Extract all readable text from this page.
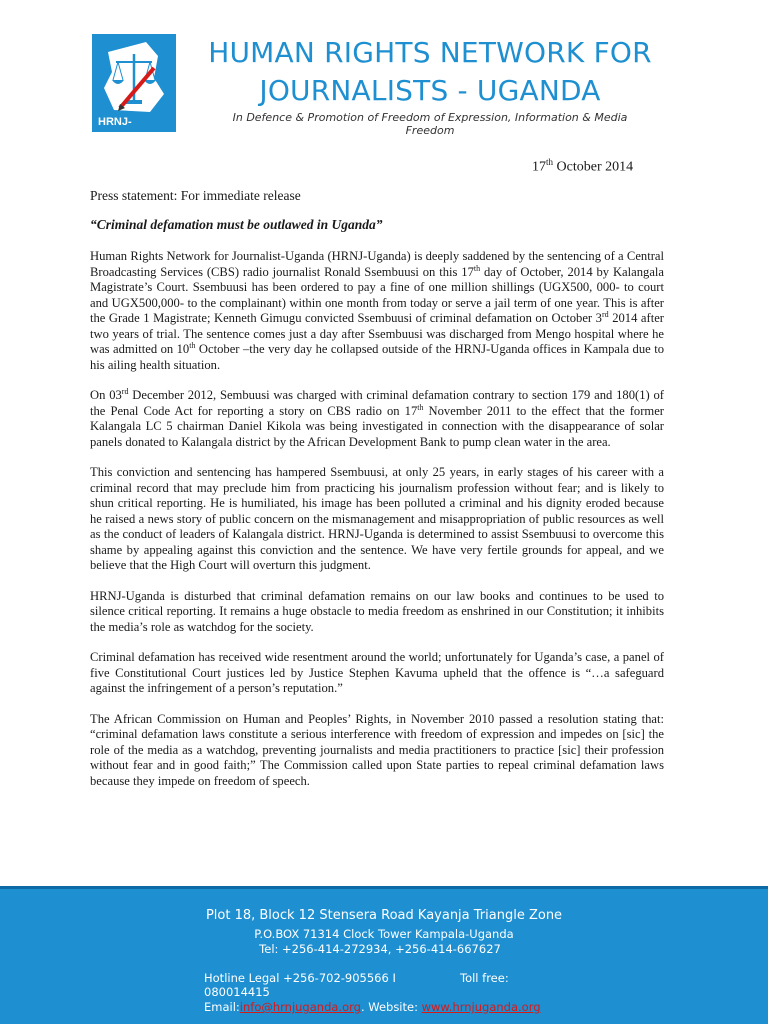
HRNJ-
HUMAN RIGHTS NETWORK FOR
JOURNALISTS - UGANDA
In Defence & Promotion of Freedom of Expression, Information & Media Freedom
17th October 2014
Press statement: For immediate release
“Criminal defamation must be outlawed in Uganda”

Human Rights Network for Journalist-Uganda (HRNJ-Uganda) is deeply saddened by the sentencing of a Central Broadcasting Services (CBS) radio journalist Ronald Ssembuusi on this 17th day of October, 2014 by Kalangala Magistrate’s Court. Ssembuusi has been ordered to pay a fine of one million shillings (UGX500, 000- to court and UGX500,000- to the complainant) within one month from today or serve a jail term of one year. This is after the Grade 1 Magistrate; Kenneth Gimugu convicted Ssembuusi of criminal defamation on October 3rd 2014 after two years of trial. The sentence comes just a day after Ssembuusi was discharged from Mengo hospital where he was admitted on 10th October –the very day he collapsed outside of the HRNJ-Uganda offices in Kampala due to his ailing health situation.

On 03rd December 2012, Sembuusi was charged with criminal defamation contrary to section 179 and 180(1) of the Penal Code Act for reporting a story on CBS radio on 17th November 2011 to the effect that the former Kalangala LC 5 chairman Daniel Kikola was being investigated in connection with the disappearance of solar panels donated to Kalangala district by the African Development Bank to pump clean water in the area.

This conviction and sentencing has hampered Ssembuusi, at only 25 years, in early stages of his career with a criminal record that may preclude him from practicing his journalism profession without fear; and is likely to shun critical reporting. He is humiliated, his image has been polluted a criminal and his dignity eroded because he raised a news story of public concern on the mismanagement and misappropriation of public resources as well as the conduct of leaders of Kalangala district. HRNJ-Uganda is determined to assist Ssembuusi to overcome this shame by appealing against this conviction and the sentence. We have very fertile grounds for appeal, and we believe that the High Court will overturn this judgment.

HRNJ-Uganda is disturbed that criminal defamation remains on our law books and continues to be used to silence critical reporting. It remains a huge obstacle to media freedom as enshrined in our Constitution; it inhibits the media’s role as watchdog for the society.

Criminal defamation has received wide resentment around the world; unfortunately for Uganda’s case, a panel of five Constitutional Court justices led by Justice Stephen Kavuma upheld that the offence is “…a safeguard against the infringement of a person’s reputation.”

The African Commission on Human and Peoples’ Rights, in November 2010 passed a resolution stating that: “criminal defamation laws constitute a serious interference with freedom of expression and impedes on [sic] the role of the media as a watchdog, preventing journalists and media practitioners to practice [sic] their profession without fear and in good faith;” The Commission called upon State parties to repeal criminal defamation laws because they impede on freedom of speech.

Plot 18, Block 12 Stensera Road Kayanja Triangle Zone
P.O.BOX 71314 Clock Tower Kampala-Uganda
Tel: +256-414-272934, +256-414-667627
Hotline Legal +256-702-905566 I	Toll free:
080014415
Email:info@hrnjuganda.org. Website: www.hrnjuganda.org
